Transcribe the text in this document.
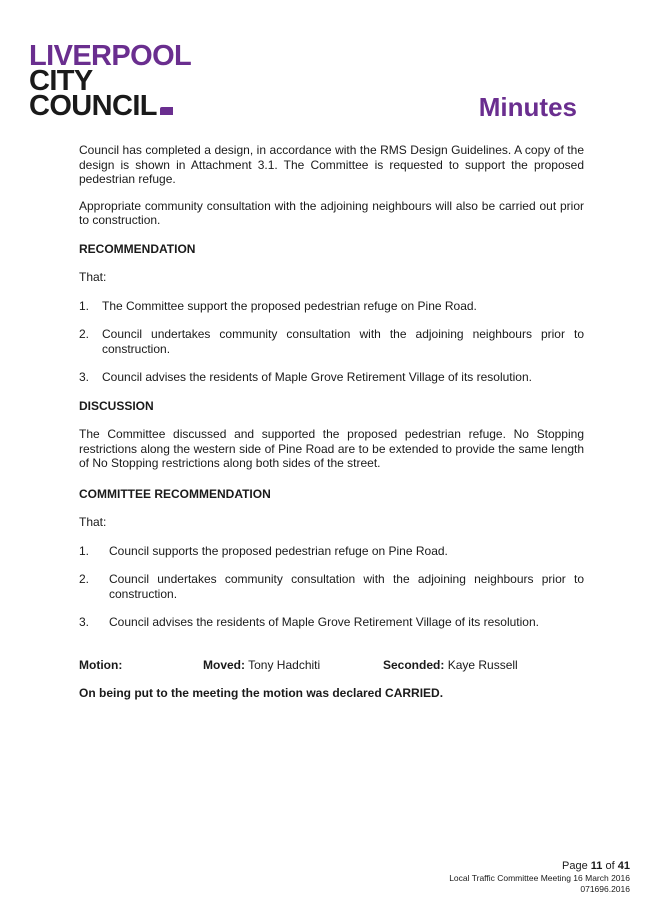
LIVERPOOL
CITY
COUNCIL	Minutes

Council has completed a design, in accordance with the RMS Design Guidelines. A copy of the design is shown in Attachment 3.1. The Committee is requested to support the proposed pedestrian refuge.

Appropriate community consultation with the adjoining neighbours will also be carried out prior to construction.

RECOMMENDATION

That:

1.	The Committee support the proposed pedestrian refuge on Pine Road.
2.	Council undertakes community consultation with the adjoining neighbours prior to construction.
3.	Council advises the residents of Maple Grove Retirement Village of its resolution.

DISCUSSION

The Committee discussed and supported the proposed pedestrian refuge. No Stopping restrictions along the western side of Pine Road are to be extended to provide the same length of No Stopping restrictions along both sides of the street.

COMMITTEE RECOMMENDATION

That:

1.	Council supports the proposed pedestrian refuge on Pine Road.
2.	Council undertakes community consultation with the adjoining neighbours prior to construction.
3.	Council advises the residents of Maple Grove Retirement Village of its resolution.
Motion:	Moved: Tony Hadchiti	Seconded: Kaye Russell

On being put to the meeting the motion was declared CARRIED.

Page 11 of 41
Local Traffic Committee Meeting 16 March 2016
071696.2016
